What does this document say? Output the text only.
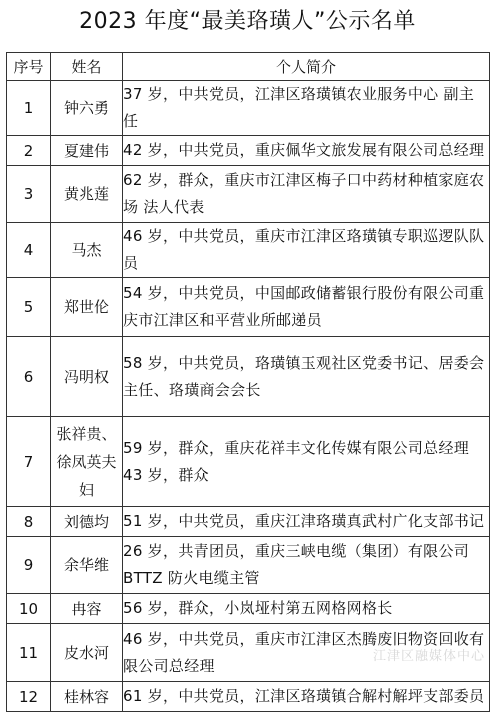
2023 年度“最美珞璜人”公示名单
序号	姓名	个人简介
1	钟六勇	37 岁，中共党员，江津区珞璜镇农业服务中心 副主任
2	夏建伟	42 岁，中共党员，重庆佩华文旅发展有限公司总经理
3	黄兆莲	62 岁，群众，重庆市江津区梅子口中药材种植家庭农场 法人代表
4	马杰	46 岁，中共党员，重庆市江津区珞璜镇专职巡逻队队员
5	郑世伦	54 岁，中共党员，中国邮政储蓄银行股份有限公司重庆市江津区和平营业所邮递员
6	冯明权	58 岁，中共党员，珞璜镇玉观社区党委书记、居委会主任、珞璜商会会长
7	张祥贵、徐凤英夫妇	59 岁，群众，重庆花祥丰文化传媒有限公司总经理 43 岁，群众
8	刘德均	51 岁，中共党员，重庆江津珞璜真武村广化支部书记
9	余华维	26 岁，共青团员，重庆三峡电缆（集团）有限公司 BTTZ 防火电缆主管
10	冉容	56 岁，群众，小岚垭村第五网格网格长
11	皮水河	46 岁，中共党员，重庆市江津区杰腾废旧物资回收有限公司总经理
12	桂林容	61 岁，中共党员，江津区珞璜镇合解村解坪支部委员
江津区融媒体中心
